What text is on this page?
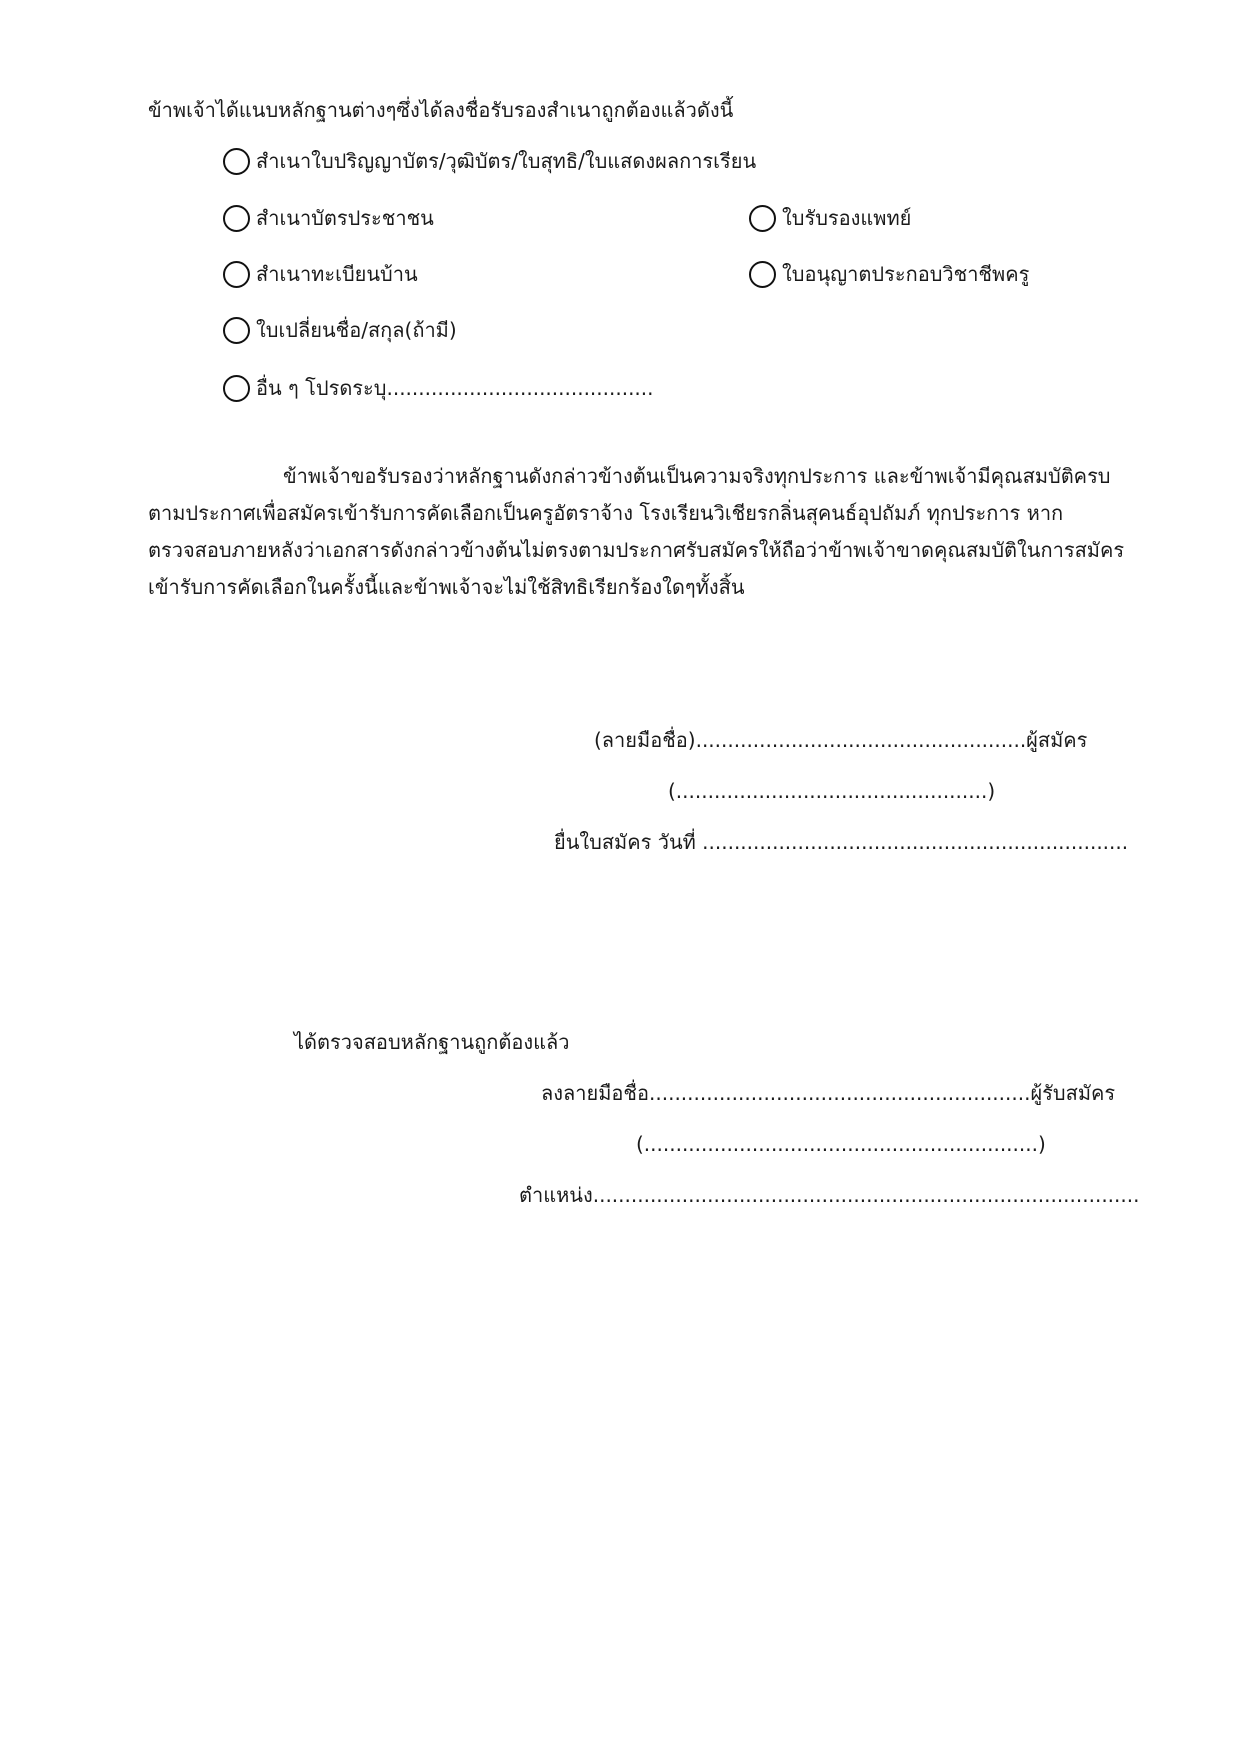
ข้าพเจ้าได้แนบหลักฐานต่างๆซึ่งได้ลงชื่อรับรองสำเนาถูกต้องแล้วดังนี้
สำเนาใบปริญญาบัตร/วุฒิบัตร/ใบสุทธิ/ใบแสดงผลการเรียน
สำเนาบัตรประชาชน	ใบรับรองแพทย์
สำเนาทะเบียนบ้าน	ใบอนุญาตประกอบวิชาชีพครู
ใบเปลี่ยนชื่อ/สกุล(ถ้ามี)
อื่น ๆ โปรดระบุ..........................................
ข้าพเจ้าขอรับรองว่าหลักฐานดังกล่าวข้างต้นเป็นความจริงทุกประการ และข้าพเจ้ามีคุณสมบัติครบ
ตามประกาศเพื่อสมัครเข้ารับการคัดเลือกเป็นครูอัตราจ้าง โรงเรียนวิเชียรกลิ่นสุคนธ์อุปถัมภ์ ทุกประการ หาก
ตรวจสอบภายหลังว่าเอกสารดังกล่าวข้างต้นไม่ตรงตามประกาศรับสมัครให้ถือว่าข้าพเจ้าขาดคุณสมบัติในการสมัคร
เข้ารับการคัดเลือกในครั้งนี้และข้าพเจ้าจะไม่ใช้สิทธิเรียกร้องใดๆทั้งสิ้น
(ลายมือชื่อ)....................................................ผู้สมัคร
(.................................................)
ยื่นใบสมัคร วันที่ ...................................................................
ได้ตรวจสอบหลักฐานถูกต้องแล้ว
ลงลายมือชื่อ............................................................ผู้รับสมัคร
(..............................................................)
ตำแหน่ง......................................................................................
